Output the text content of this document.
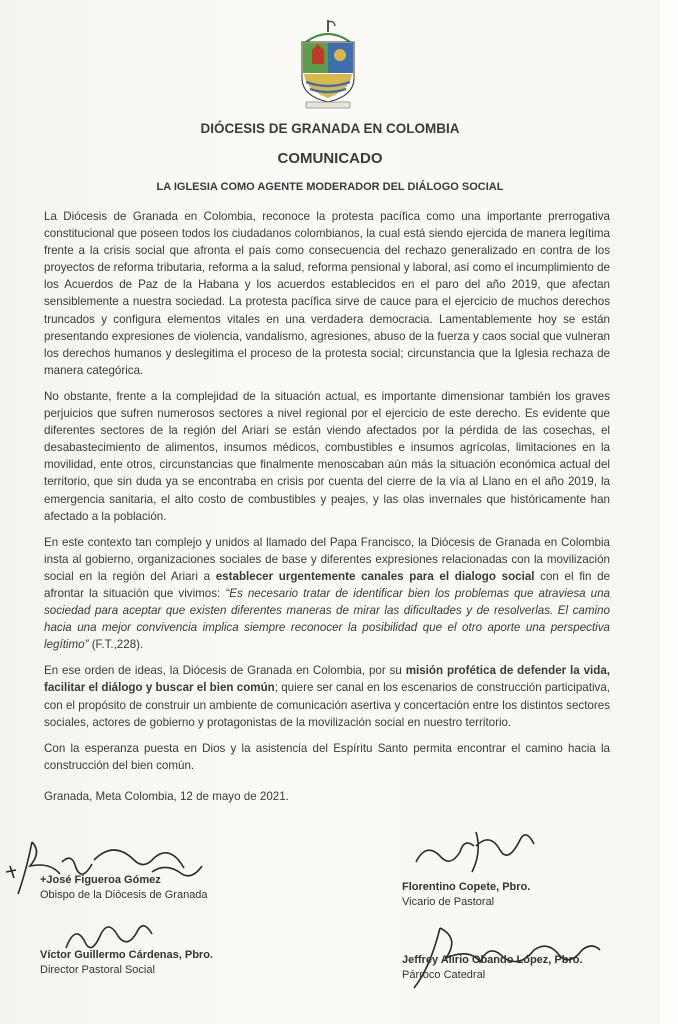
DIÓCESIS DE GRANADA EN COLOMBIA
COMUNICADO
LA IGLESIA COMO AGENTE MODERADOR DEL DIÁLOGO SOCIAL

La Diócesis de Granada en Colombia, reconoce la protesta pacífica como una importante prerrogativa constitucional que poseen todos los ciudadanos colombianos, la cual está siendo ejercida de manera legítima frente a la crisis social que afronta el país como consecuencia del rechazo generalizado en contra de los proyectos de reforma tributaria, reforma a la salud, reforma pensional y laboral, así como el incumplimiento de los Acuerdos de Paz de la Habana y los acuerdos establecidos en el paro del año 2019, que afectan sensiblemente a nuestra sociedad. La protesta pacífica sirve de cauce para el ejercicio de muchos derechos truncados y configura elementos vitales en una verdadera democracia. Lamentablemente hoy se están presentando expresiones de violencia, vandalismo, agresiones, abuso de la fuerza y caos social que vulneran los derechos humanos y deslegitima el proceso de la protesta social; circunstancia que la Iglesia rechaza de manera categórica.

No obstante, frente a la complejidad de la situación actual, es importante dimensionar también los graves perjuicios que sufren numerosos sectores a nivel regional por el ejercicio de este derecho. Es evidente que diferentes sectores de la región del Ariari se están viendo afectados por la pérdida de las cosechas, el desabastecimiento de alimentos, insumos médicos, combustibles e insumos agrícolas, limitaciones en la movilidad, ente otros, circunstancias que finalmente menoscaban aún más la situación económica actual del territorio, que sin duda ya se encontraba en crisis por cuenta del cierre de la vía al Llano en el año 2019, la emergencia sanitaria, el alto costo de combustibles y peajes, y las olas invernales que históricamente han afectado a la población.

En este contexto tan complejo y unidos al llamado del Papa Francisco, la Diócesis de Granada en Colombia insta al gobierno, organizaciones sociales de base y diferentes expresiones relacionadas con la movilización social en la región del Ariari a establecer urgentemente canales para el dialogo social con el fin de afrontar la situación que vivimos: “Es necesario tratar de identificar bien los problemas que atraviesa una sociedad para aceptar que existen diferentes maneras de mirar las dificultades y de resolverlas. El camino hacia una mejor convivencia implica siempre reconocer la posibilidad que el otro aporte una perspectiva legítimo” (F.T.,228).

En ese orden de ideas, la Diócesis de Granada en Colombia, por su misión profética de defender la vida, facilitar el diálogo y buscar el bien común; quiere ser canal en los escenarios de construcción participativa, con el propósito de construir un ambiente de comunicación asertiva y concertación entre los distintos sectores sociales, actores de gobierno y protagonistas de la movilización social en nuestro territorio.

Con la esperanza puesta en Dios y la asistencia del Espíritu Santo permita encontrar el camino hacia la construcción del bien común.

Granada, Meta Colombia, 12 de mayo de 2021.

+José Figueroa Gómez
Obispo de la Diócesis de Granada
Florentino Copete, Pbro.
Vicario de Pastoral
Víctor Guillermo Cárdenas, Pbro.
Director Pastoral Social
Jeffrey Alirio Obando López, Pbro.
Párroco Catedral
